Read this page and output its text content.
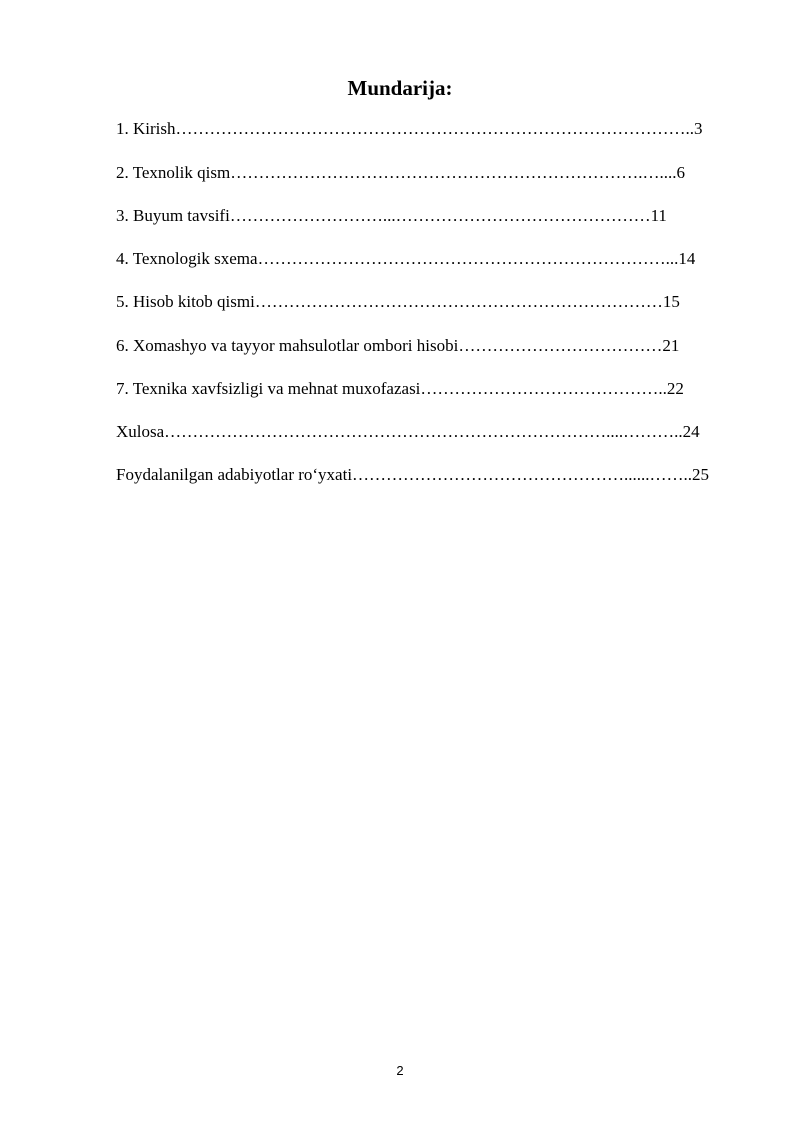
Mundarija:
1. Kirish………………………………………………………………………………..3
2. Texnolik qism……………………………………………………………….…....6
3. Buyum tavsifi………………………...………………………………………11
4. Texnologik sxema………………………………………………………………...14
5. Hisob kitob qismi………………………………………………………………15
6. Xomashyo va tayyor mahsulotlar ombori hisobi………………………………21
7. Texnika xavfsizligi va mehnat muxofazasi……………………………………..22
Xulosa……………………………………………………………………....………..24
Foydalanilgan adabiyotlar ro‘yxati…………………………………………......……..25
2
